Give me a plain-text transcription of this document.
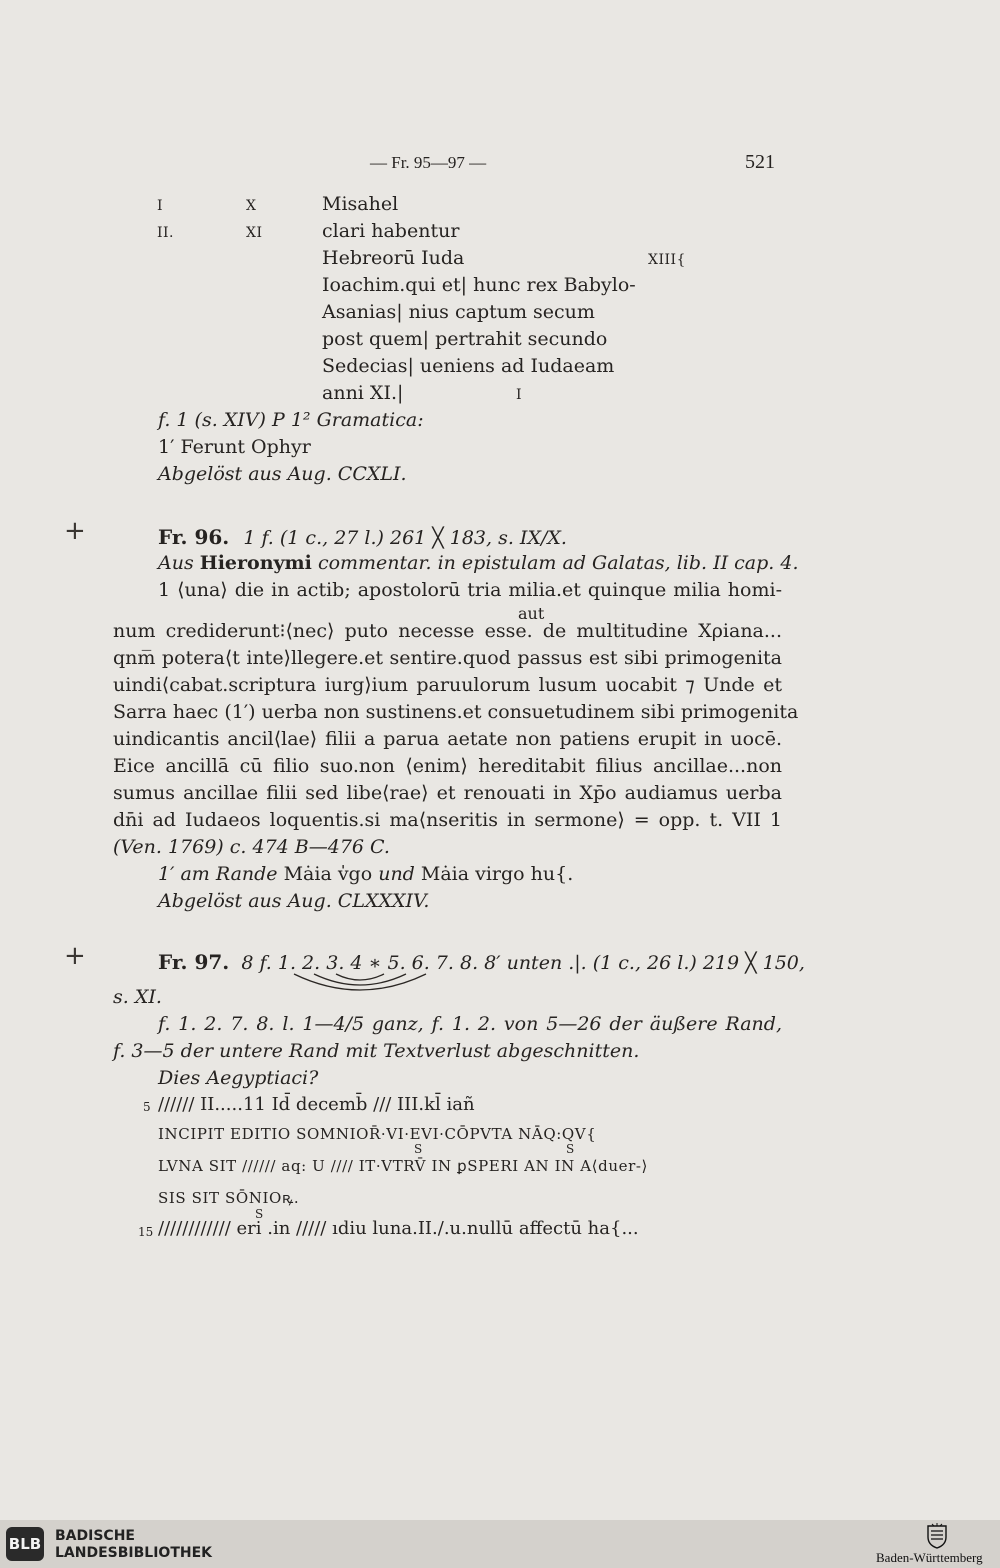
— Fr. 95—97 —	521
I	X	Misahel
II.	XI	clari habentur
Hebreorū Iuda	XIII{
Ioachim.qui et| hunc rex Babylo-
Asanias| nius captum secum
post quem| pertrahit secundo
Sedecias| ueniens ad Iudaeam
anni XI.|	I
f. 1 (s. XIV) P 1² Gramatica:
1′ Ferunt Ophyr
Abgelöst aus Aug. CCXLI.
+	Fr. 96. 1 f. (1 c., 27 l.) 261 ╳ 183, s. IX/X.
Aus Hieronymi commentar. in epistulam ad Galatas, lib. II cap. 4.
1 ⟨una⟩ die in actib; apostolorū tria milia.et quinque milia homi-
aut
num crediderunt⁝⟨nec⟩ puto necesse esse. de multitudine Xρiana...
qnm̅ potera⟨t inte⟩llegere.et sentire.quod passus est sibi primogenita
uindi⟨cabat.scriptura iurg⟩ium paruulorum lusum uocabit ⁊ Unde et
Sarra haec (1′) uerba non sustinens.et consuetudinem sibi primogenita
uindicantis ancil⟨lae⟩ filii a parua aetate non patiens erupit in uocē.
Eice ancillā cū filio suo.non ⟨enim⟩ hereditabit filius ancillae...non
sumus ancillae filii sed libe⟨rae⟩ et renouati in Xp̄o audiamus uerba
dn̄i ad Iudaeos loquentis.si ma⟨nseritis in sermone⟩ = opp. t. VII 1
(Ven. 1769) c. 474 B—476 C.
1′ am Rande Mȧia v̍go und Mȧia virgo hu{.
Abgelöst aus Aug. CLXXXIV.
+	Fr. 97. 8 f. 1. 2. 3. 4 ∗ 5. 6. 7. 8. 8′ unten .|. (1 c., 26 l.) 219 ╳ 150,
s. XI.
f. 1. 2. 7. 8. l. 1—4/5 ganz, f. 1. 2. von 5—26 der äußere Rand,
f. 3—5 der untere Rand mit Textverlust abgeschnitten.
Dies Aegyptiaci?
5 ////// II.....11 Id̄ decemb̄ /// III.kl̄ iañ
INCIPIT EDITIO SOMNIOR̄·VI·EVI·CŌPVTA NĀQ:QV{
S	S
LVNA SIT ////// aq: U //// IT·VTRV̄ IN ꝑSPERI AN IN A⟨duer-⟩
SIS SIT SŌNIOꝶ.
S
15 //////////// eri .in ///// ıdiu luna.II./.u.nullū affectū ha{...
BLB BADISCHE
LANDESBIBLIOTHEK	Baden-Württemberg
